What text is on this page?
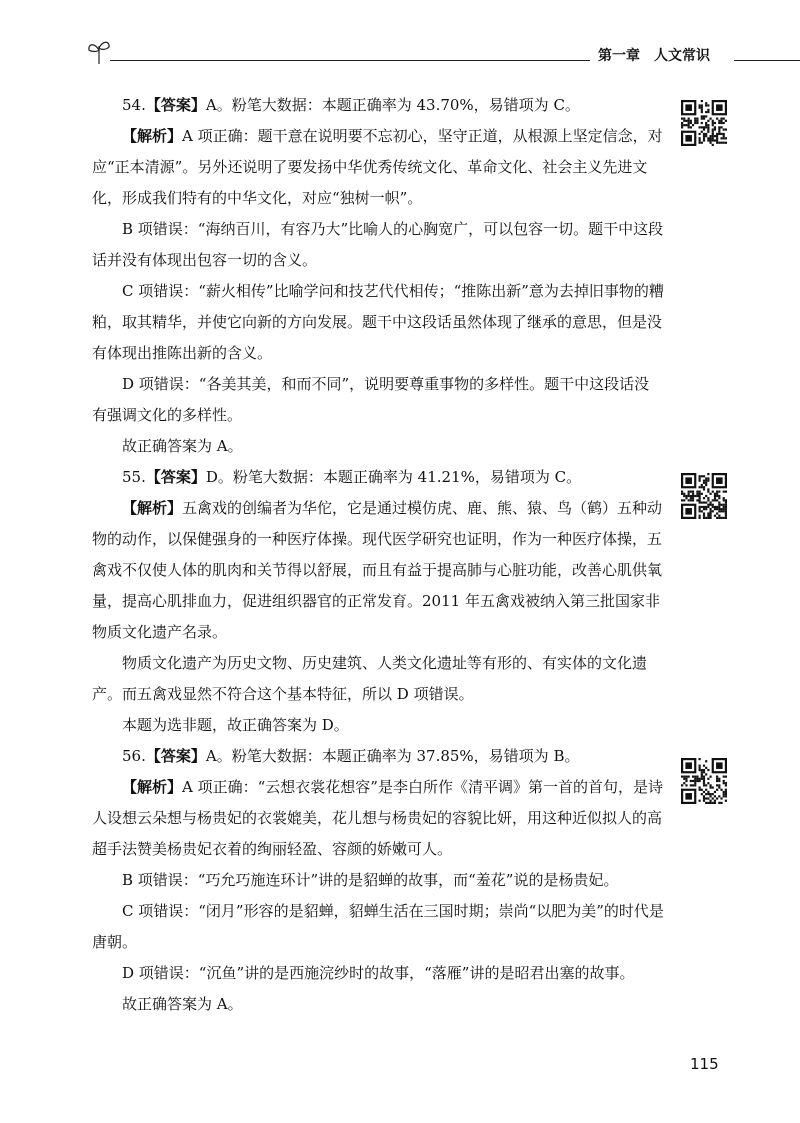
第一章 人文常识

54.【答案】A。粉笔大数据：本题正确率为 43.70%，易错项为 C。

【解析】A 项正确：题干意在说明要不忘初心，坚守正道，从根源上坚定信念，对应“正本清源”。另外还说明了要发扬中华优秀传统文化、革命文化、社会主义先进文化，形成我们特有的中华文化，对应“独树一帜”。

B 项错误：“海纳百川，有容乃大”比喻人的心胸宽广，可以包容一切。题干中这段话并没有体现出包容一切的含义。

C 项错误：“薪火相传”比喻学问和技艺代代相传；“推陈出新”意为去掉旧事物的糟粕，取其精华，并使它向新的方向发展。题干中这段话虽然体现了继承的意思，但是没有体现出推陈出新的含义。

D 项错误：“各美其美，和而不同”，说明要尊重事物的多样性。题干中这段话没有强调文化的多样性。

故正确答案为 A。

55.【答案】D。粉笔大数据：本题正确率为 41.21%，易错项为 C。

【解析】五禽戏的创编者为华佗，它是通过模仿虎、鹿、熊、猿、鸟（鹤）五种动物的动作，以保健强身的一种医疗体操。现代医学研究也证明，作为一种医疗体操，五禽戏不仅使人体的肌肉和关节得以舒展，而且有益于提高肺与心脏功能，改善心肌供氧量，提高心肌排血力，促进组织器官的正常发育。2011 年五禽戏被纳入第三批国家非物质文化遗产名录。

物质文化遗产为历史文物、历史建筑、人类文化遗址等有形的、有实体的文化遗产。而五禽戏显然不符合这个基本特征，所以 D 项错误。

本题为选非题，故正确答案为 D。

56.【答案】A。粉笔大数据：本题正确率为 37.85%，易错项为 B。

【解析】A 项正确：“云想衣裳花想容”是李白所作《清平调》第一首的首句，是诗人设想云朵想与杨贵妃的衣裳媲美，花儿想与杨贵妃的容貌比妍，用这种近似拟人的高超手法赞美杨贵妃衣着的绚丽轻盈、容颜的娇嫩可人。

B 项错误：“巧允巧施连环计”讲的是貂蝉的故事，而“羞花”说的是杨贵妃。

C 项错误：“闭月”形容的是貂蝉，貂蝉生活在三国时期；崇尚“以肥为美”的时代是唐朝。

D 项错误：“沉鱼”讲的是西施浣纱时的故事，“落雁”讲的是昭君出塞的故事。

故正确答案为 A。

115
